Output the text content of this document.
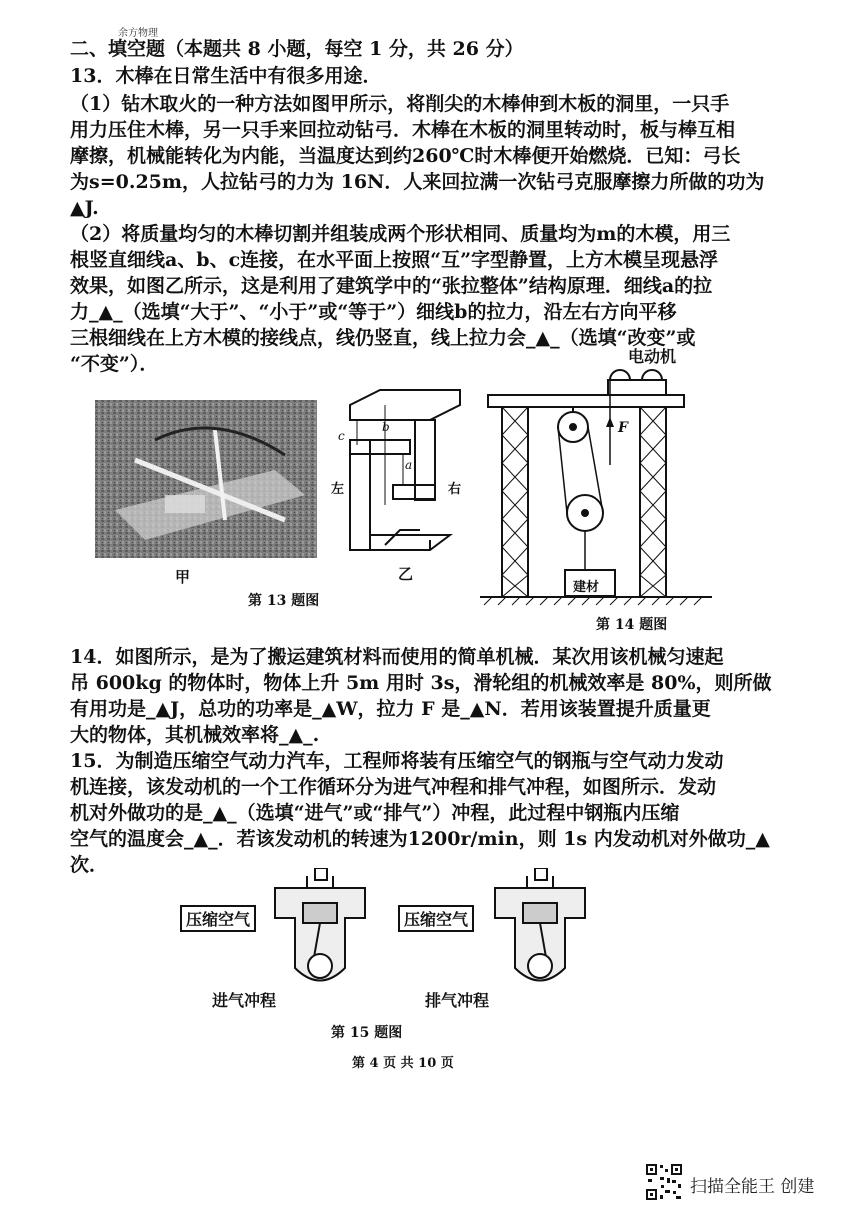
余方物理
二、填空题（本题共 8 小题，每空 1 分，共 26 分）
13．木棒在日常生活中有很多用途．
（1）钻木取火的一种方法如图甲所示，将削尖的木棒伸到木板的洞里，一只手
用力压住木棒，另一只手来回拉动钻弓．木棒在木板的洞里转动时，板与棒互相
摩擦，机械能转化为内能，当温度达到约260℃时木棒便开始燃烧．已知：弓长
为s=0.25m，人拉钻弓的力为 16N．人来回拉满一次钻弓克服摩擦力所做的功为
▲J.
（2）将质量均匀的木棒切割并组装成两个形状相同、质量均为m的木模，用三
根竖直细线a、b、c连接，在水平面上按照“互”字型静置，上方木模呈现悬浮
效果，如图乙所示，这是利用了建筑学中的“张拉整体”结构原理．细线a的拉
力_▲_（选填“大于”、“小于”或“等于”）细线b的拉力，沿左右方向平移
三根细线在上方木模的接线点，线仍竖直，线上拉力会_▲_（选填“改变”或
“不变”）．
甲
c
b
a
左	右
乙
第 13 题图
电动机
F
建材
第 14 题图
14．如图所示，是为了搬运建筑材料而使用的简单机械．某次用该机械匀速起
吊 600kg 的物体时，物体上升 5m 用时 3s，滑轮组的机械效率是 80%，则所做
有用功是_▲J，总功的功率是_▲W，拉力 F 是_▲N．若用该装置提升质量更
大的物体，其机械效率将_▲_.
15．为制造压缩空气动力汽车，工程师将装有压缩空气的钢瓶与空气动力发动
机连接，该发动机的一个工作循环分为进气冲程和排气冲程，如图所示．发动
机对外做功的是_▲_（选填“进气”或“排气”）冲程，此过程中钢瓶内压缩
空气的温度会_▲_．若该发动机的转速为1200r/min，则 1s 内发动机对外做功_▲
次．
压缩空气
进气冲程
压缩空气
排气冲程
第 15 题图
第 4 页 共 10 页
扫描全能王 创建
